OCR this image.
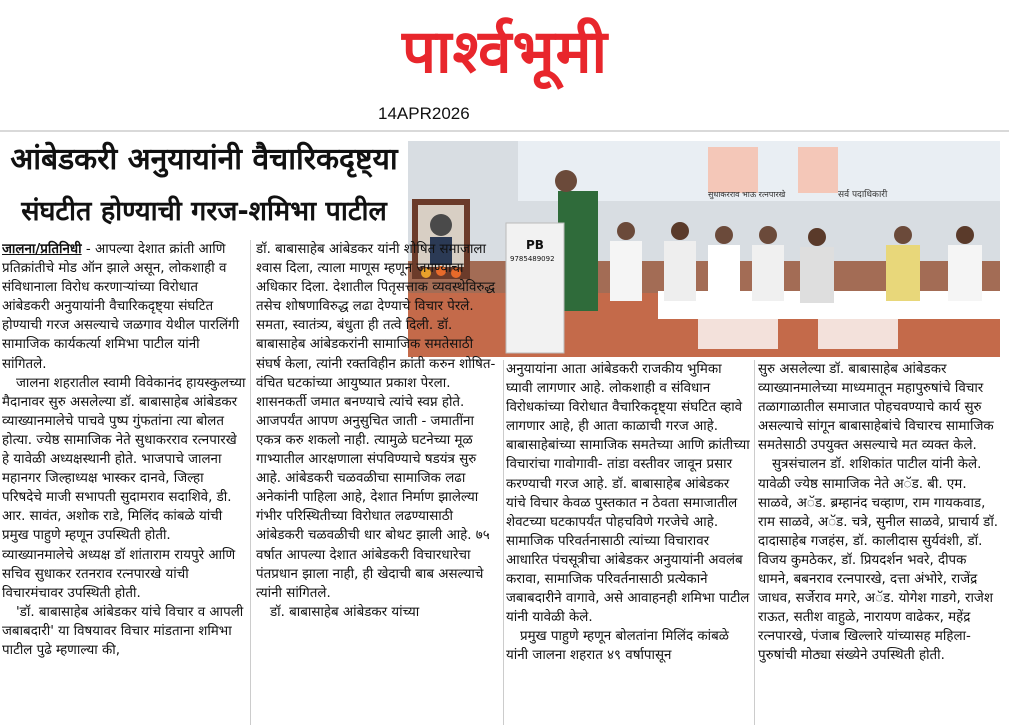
पार्श्वभूमी
14APR2026
आंबेडकरी अनुयायांनी वैचारिकदृष्ट्या
संघटीत होण्याची गरज-शमिभा पाटील
सुधाकरराव भाऊ रत्नपारखे	सर्व पदाधिकारी
PB
9785489092

जालना/प्रतिनिधी - आपल्या देशात क्रांती आणि प्रतिक्रांतीचे मोड ऑन झाले असून, लोकशाही व संविधानाला विरोध करणाऱ्यांच्या विरोधात आंबेडकरी अनुयायांनी वैचारिकदृष्ट्या संघटित होण्याची गरज असल्याचे जळगाव येथील पारलिंगी सामाजिक कार्यकर्त्या शमिभा पाटील यांनी सांगितले.

जालना शहरातील स्वामी विवेकानंद हायस्कुलच्या मैदानावर सुरु असलेल्या डॉ. बाबासाहेब आंबेडकर व्याख्यानमालेचे पाचवे पुष्प गुंफतांना त्या बोलत होत्या. ज्येष्ठ सामाजिक नेते सुधाकरराव रत्नपारखे हे यावेळी अध्यक्षस्थानी होते. भाजपाचे जालना महानगर जिल्हाध्यक्ष भास्कर दानवे, जिल्हा परिषदेचे माजी सभापती सुदामराव सदाशिवे, डी. आर. सावंत, अशोक राडे, मिलिंद कांबळे यांची प्रमुख पाहुणे म्हणून उपस्थिती होती. व्याख्यानमालेचे अध्यक्ष डॉ शांताराम रायपुरे आणि सचिव सुधाकर रतनराव रत्नपारखे यांची विचारमंचावर उपस्थिती होती.

'डॉ. बाबासाहेब आंबेडकर यांचे विचार व आपली जबाबदारी' या विषयावर विचार मांडताना शमिभा पाटील पुढे म्हणाल्या की,

डॉ. बाबासाहेब आंबेडकर यांनी शोषित समाजाला श्वास दिला, त्याला माणूस म्हणून जगण्याचा अधिकार दिला. देशातील पितृसत्ताक व्यवस्थेविरुद्ध तसेच शोषणाविरुद्ध लढा देण्याचे विचार पेरले. समता, स्वातंत्र्य, बंधुता ही तत्वे दिली. डॉ. बाबासाहेब आंबेडकरांनी सामाजिक समतेसाठी संघर्ष केला, त्यांनी रक्तविहीन क्रांती करुन शोषित-वंचित घटकांच्या आयुष्यात प्रकाश पेरला. शासनकर्ती जमात बनण्याचे त्यांचे स्वप्न होते. आजपर्यंत आपण अनुसुचित जाती - जमातींना एकत्र करु शकलो नाही. त्यामुळे घटनेच्या मूळ गाभ्यातील आरक्षणाला संपविण्याचे षडयंत्र सुरु आहे. आंबेडकरी चळवळीचा सामाजिक लढा अनेकांनी पाहिला आहे, देशात निर्माण झालेल्या गंभीर परिस्थितीच्या विरोधात लढण्यासाठी आंबेडकरी चळवळीची धार बोथट झाली आहे. ७५ वर्षात आपल्या देशात आंबेडकरी विचारधारेचा पंतप्रधान झाला नाही, ही खेदाची बाब असल्याचे त्यांनी सांगितले.

डॉ. बाबासाहेब आंबेडकर यांच्या

अनुयायांना आता आंबेडकरी राजकीय भुमिका घ्यावी लागणार आहे. लोकशाही व संविधान विरोधकांच्या विरोधात वैचारिकदृष्ट्या संघटित व्हावे लागणार आहे, ही आता काळाची गरज आहे.

बाबासाहेबांच्या सामाजिक समतेच्या आणि क्रांतीच्या विचारांचा गावोगावी- तांडा वस्तीवर जावून प्रसार करण्याची गरज आहे. डॉ. बाबासाहेब आंबेडकर यांचे विचार केवळ पुस्तकात न ठेवता समाजातील शेवटच्या घटकापर्यंत पोहचविणे गरजेचे आहे. सामाजिक परिवर्तनासाठी त्यांच्या विचारावर आधारित पंचसूत्रीचा आंबेडकर अनुयायांनी अवलंब करावा, सामाजिक परिवर्तनासाठी प्रत्येकाने जबाबदारीने वागावे, असे आवाहनही शमिभा पाटील यांनी यावेळी केले.

प्रमुख पाहुणे म्हणून बोलतांना मिलिंद कांबळे यांनी जालना शहरात ४९ वर्षापासून

सुरु असलेल्या डॉ. बाबासाहेब आंबेडकर व्याख्यानमालेच्या माध्यमातून महापुरुषांचे विचार तळागाळातील समाजात पोहचवण्याचे कार्य सुरु असल्याचे सांगून बाबासाहेबांचे विचारच सामाजिक समतेसाठी उपयुक्त असल्याचे मत व्यक्त केले.

सुत्रसंचालन डॉ. शशिकांत पाटील यांनी केले. यावेळी ज्येष्ठ सामाजिक नेते अॅड. बी. एम. साळवे, अॅड. ब्रम्हानंद चव्हाण, राम गायकवाड, राम साळवे, अॅड. चत्रे, सुनील साळवे, प्राचार्य डॉ. दादासाहेब गजहंस, डॉ. कालीदास सुर्यवंशी, डॉ. विजय कुमठेकर, डॉ. प्रियदर्शन भवरे, दीपक धामने, बबनराव रत्नपारखे, दत्ता अंभोरे, राजेंद्र जाधव, सर्जेराव मगरे, अॅड. योगेश गाडगे, राजेश राऊत, सतीश वाहुळे, नारायण वाढेकर, महेंद्र रत्नपारखे, पंजाब खिल्लारे यांच्यासह महिला-पुरुषांची मोठ्या संख्येने उपस्थिती होती.
